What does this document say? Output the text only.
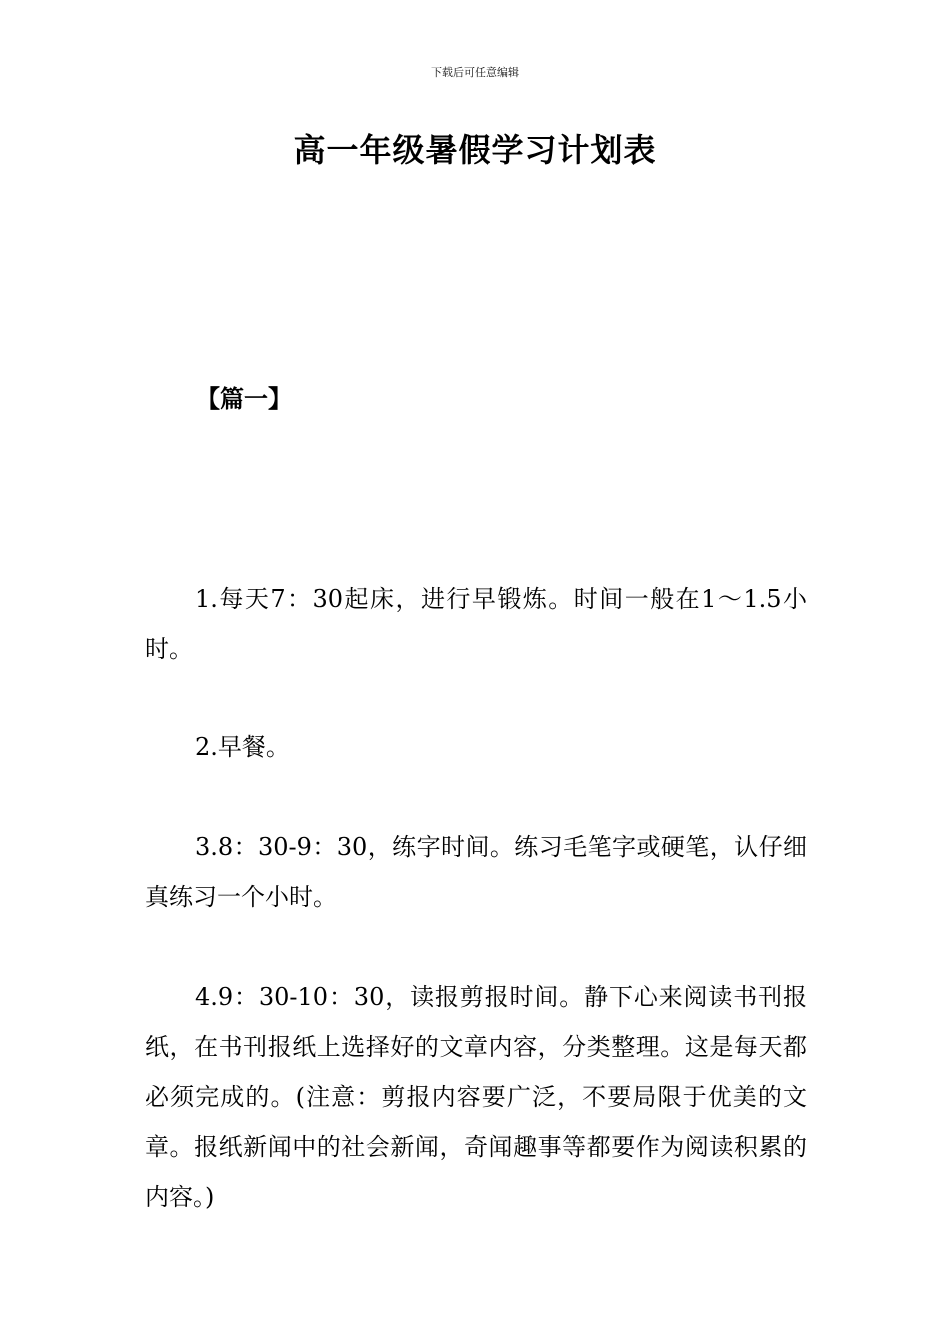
下载后可任意编辑
高一年级暑假学习计划表
【篇一】
1.每天7：30起床，进行早锻炼。时间一般在1～1.5小时。
2.早餐。
3.8：30-9：30，练字时间。练习毛笔字或硬笔，认仔细真练习一个小时。
4.9：30-10：30，读报剪报时间。静下心来阅读书刊报纸，在书刊报纸上选择好的文章内容，分类整理。这是每天都必须完成的。(注意：剪报内容要广泛，不要局限于优美的文章。报纸新闻中的社会新闻，奇闻趣事等都要作为阅读积累的内容。)
